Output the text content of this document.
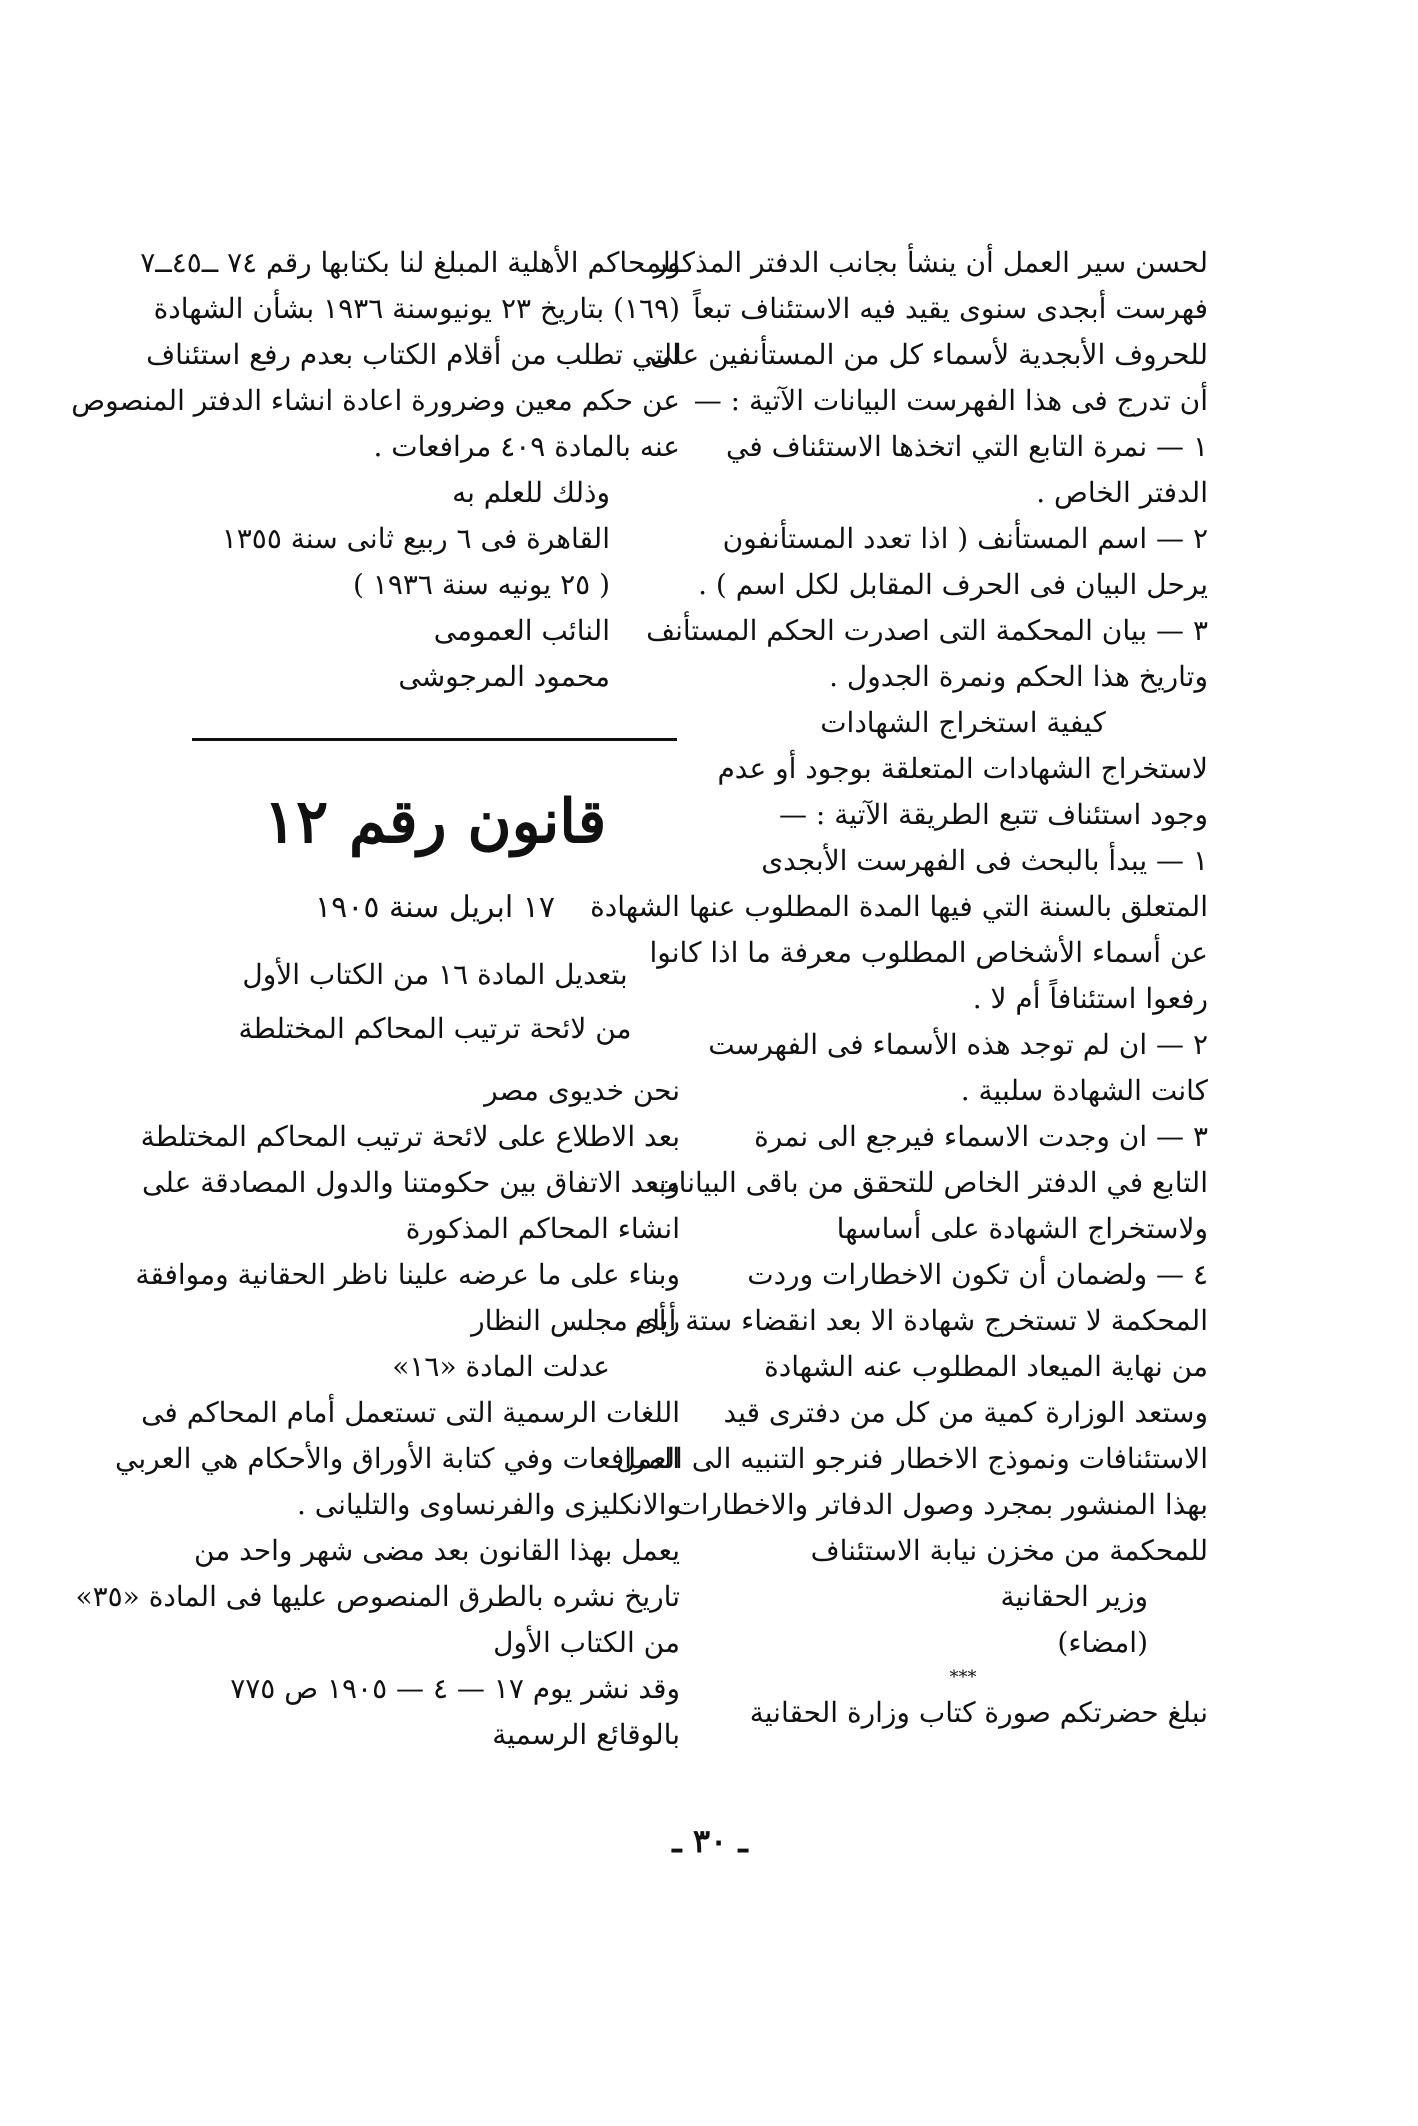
لحسن سير العمل أن ينشأ بجانب الدفتر المذكور
فهرست أبجدى سنوى يقيد فيه الاستئناف تبعاً
للحروف الأبجدية لأسماء كل من المستأنفين على
أن تدرج فى هذا الفهرست البيانات الآتية : —
١ — نمرة التابع التي اتخذها الاستئناف في
الدفتر الخاص .
٢ — اسم المستأنف ( اذا تعدد المستأنفون
يرحل البيان فى الحرف المقابل لكل اسم ) .
٣ — بيان المحكمة التى اصدرت الحكم المستأنف
وتاريخ هذا الحكم ونمرة الجدول .
كيفية استخراج الشهادات
لاستخراج الشهادات المتعلقة بوجود أو عدم
وجود استئناف تتبع الطريقة الآتية : —
١ — يبدأ بالبحث فى الفهرست الأبجدى
المتعلق بالسنة التي فيها المدة المطلوب عنها الشهادة
عن أسماء الأشخاص المطلوب معرفة ما اذا كانوا
رفعوا استئنافاً أم لا .
٢ — ان لم توجد هذه الأسماء فى الفهرست
كانت الشهادة سلبية .
٣ — ان وجدت الاسماء فيرجع الى نمرة
التابع في الدفتر الخاص للتحقق من باقى البيانات
ولاستخراج الشهادة على أساسها
٤ — ولضمان أن تكون الاخطارات وردت
المحكمة لا تستخرج شهادة الا بعد انقضاء ستة أيام
من نهاية الميعاد المطلوب عنه الشهادة
وستعد الوزارة كمية من كل من دفترى قيد
الاستئنافات ونموذج الاخطار فنرجو التنبيه الى العمل
بهذا المنشور بمجرد وصول الدفاتر والاخطارات
للمحكمة من مخزن نيابة الاستئناف
وزير الحقانية
(امضاء)
***
نبلغ حضرتكم صورة كتاب وزارة الحقانية
للمحاكم الأهلية المبلغ لنا بكتابها رقم ٧٤ ــ٤٥ــ٧
(١٦٩) بتاريخ ٢٣ يونيوسنة ١٩٣٦ بشأن الشهادة
التي تطلب من أقلام الكتاب بعدم رفع استئناف
عن حكم معين وضرورة اعادة انشاء الدفتر المنصوص
عنه بالمادة ٤٠٩ مرافعات .
وذلك للعلم به
القاهرة فى ٦ ربيع ثانى سنة ١٣٥٥
( ٢٥ يونيه سنة ١٩٣٦ )
النائب العمومى
محمود المرجوشى
قانون رقم ١٢
١٧ ابريل سنة ١٩٠٥
بتعديل المادة ١٦ من الكتاب الأول
من لائحة ترتيب المحاكم المختلطة
نحن خديوى مصر
بعد الاطلاع على لائحة ترتيب المحاكم المختلطة
وبعد الاتفاق بين حكومتنا والدول المصادقة على
انشاء المحاكم المذكورة
وبناء على ما عرضه علينا ناظر الحقانية وموافقة
رأى مجلس النظار
عدلت المادة «١٦»
اللغات الرسمية التى تستعمل أمام المحاكم فى
المرافعات وفي كتابة الأوراق والأحكام هي العربي
والانكليزى والفرنساوى والتليانى .
يعمل بهذا القانون بعد مضى شهر واحد من
تاريخ نشره بالطرق المنصوص عليها فى المادة «٣٥»
من الكتاب الأول
وقد نشر يوم ١٧ — ٤ — ١٩٠٥ ص ٧٧٥
بالوقائع الرسمية
ـ ٣٠ ـ
